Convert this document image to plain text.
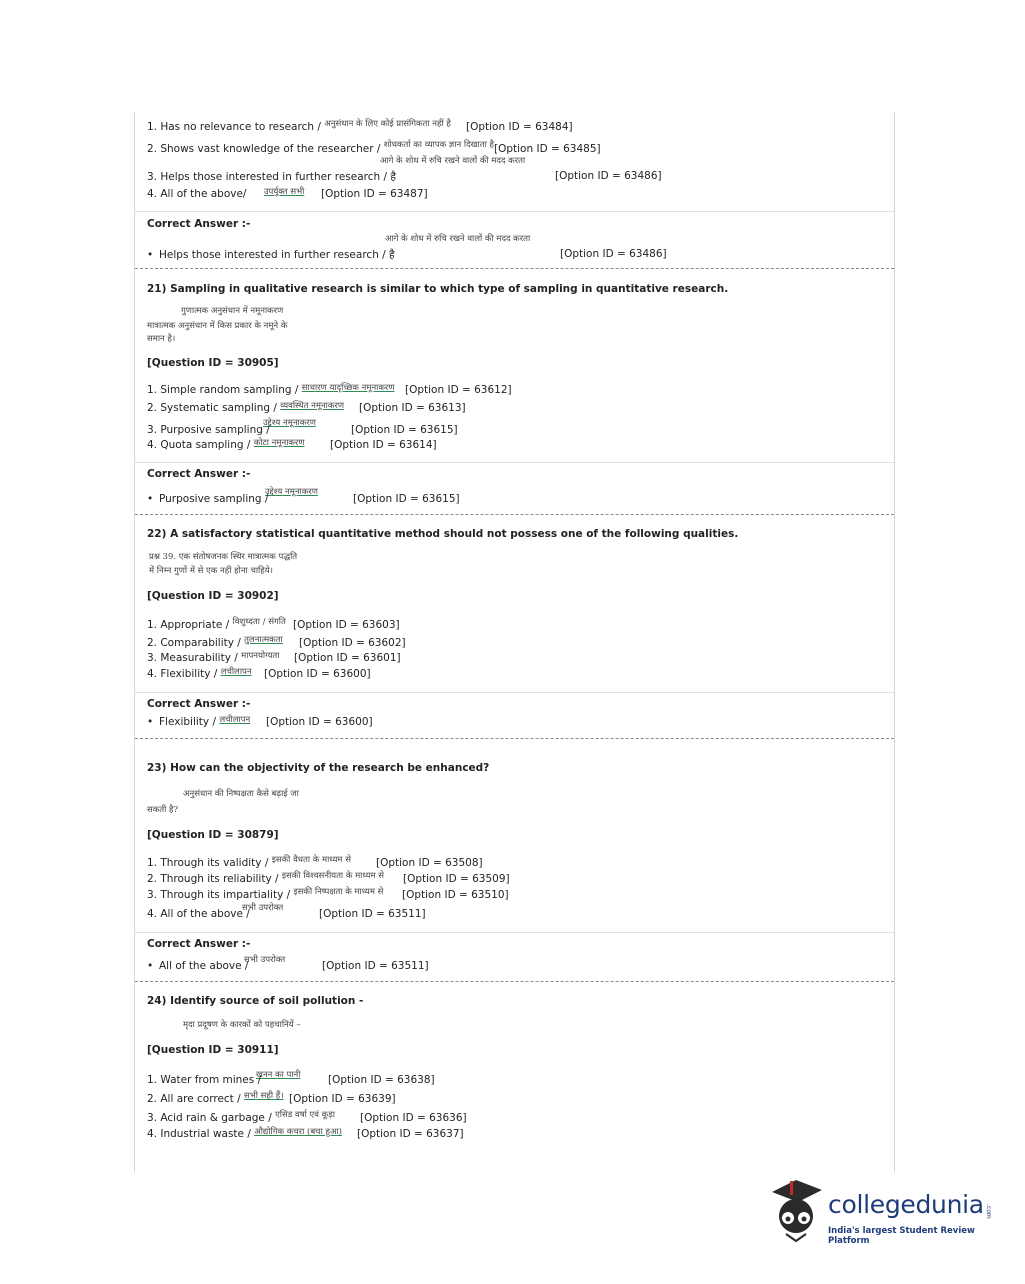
1. Has no relevance to research / $^{अनुसंधान के लिए कोई प्रासंगिकता नहीं है}$ [Option ID = 63484]
2. Shows vast knowledge of the researcher / $^{शोधकर्ता का व्यापक ज्ञान दिखाता है}$ [Option ID = 63485]
आगे के शोध में रुचि रखने वालों की मदद करता
3. Helps those interested in further research / है	[Option ID = 63486]
4. All of the above/ $^{उपर्युक्त सभी}$ [Option ID = 63487]
Correct Answer :-
आगे के शोध में रुचि रखने वालों की मदद करता
• Helps those interested in further research / है	[Option ID = 63486]
21) Sampling in qualitative research is similar to which type of sampling in quantitative research.
गुणात्मक अनुसंधान में नमूनाकरण
मात्रात्मक अनुसंधान में किस प्रकार के नमूने के
समान है।
[Question ID = 30905]
1. Simple random sampling / $^{साधारण यादृच्छिक नमूनाकरण}$ [Option ID = 63612]
2. Systematic sampling / $^{व्यवस्थित नमूनाकरण}$ [Option ID = 63613]
उद्देश्य नमूनाकरण
3. Purposive sampling /	[Option ID = 63615]
4. Quota sampling / $^{कोटा नमूनाकरण}$ [Option ID = 63614]
Correct Answer :-
उद्देश्य नमूनाकरण
• Purposive sampling /	[Option ID = 63615]
22) A satisfactory statistical quantitative method should not possess one of the following qualities.
प्रश्न 39. एक संतोषजनक स्थिर मात्रात्मक पद्धति
में निम्न गुणों में से एक नहीं होना चाहिये।
[Question ID = 30902]
1. Appropriate / $^{विशुध्दता / संगति}$ [Option ID = 63603]
2. Comparability / $^{तुलनात्मकता}$ [Option ID = 63602]
3. Measurability / $^{मापनयोग्यता}$ [Option ID = 63601]
4. Flexibility / $^{लचीलापन}$ [Option ID = 63600]
Correct Answer :-
• Flexibility / $^{लचीलापन}$ [Option ID = 63600]
23) How can the objectivity of the research be enhanced?
अनुसंधान की निष्पक्षता कैसे बढ़ाई जा
सकती है?
[Question ID = 30879]
1. Through its validity / $^{इसकी वैधता के माध्यम से}$ [Option ID = 63508]
2. Through its reliability / $^{इसकी विश्वसनीयता के माध्यम से}$ [Option ID = 63509]
3. Through its impartiality / $^{इसकी निष्पक्षता के माध्यम से}$ [Option ID = 63510]
सभी उपरोक्त
4. All of the above /	[Option ID = 63511]
Correct Answer :-
सभी उपरोक्त
• All of the above /	[Option ID = 63511]
24) Identify source of soil pollution -
मृदा प्रदूषण के कारकों को पहचानियें –
[Question ID = 30911]
खनन का पानी
1. Water from mines /	[Option ID = 63638]
2. All are correct / $^{सभी सही हैं।}$ [Option ID = 63639]
3. Acid rain & garbage / $^{एसिड वर्षा एवं कूड़ा}$ [Option ID = 63636]
4. Industrial waste / $^{औद्योगिक कचरा (बचा हुआ)}$ [Option ID = 63637]
collegedunia .com
India's largest Student Review Platform
